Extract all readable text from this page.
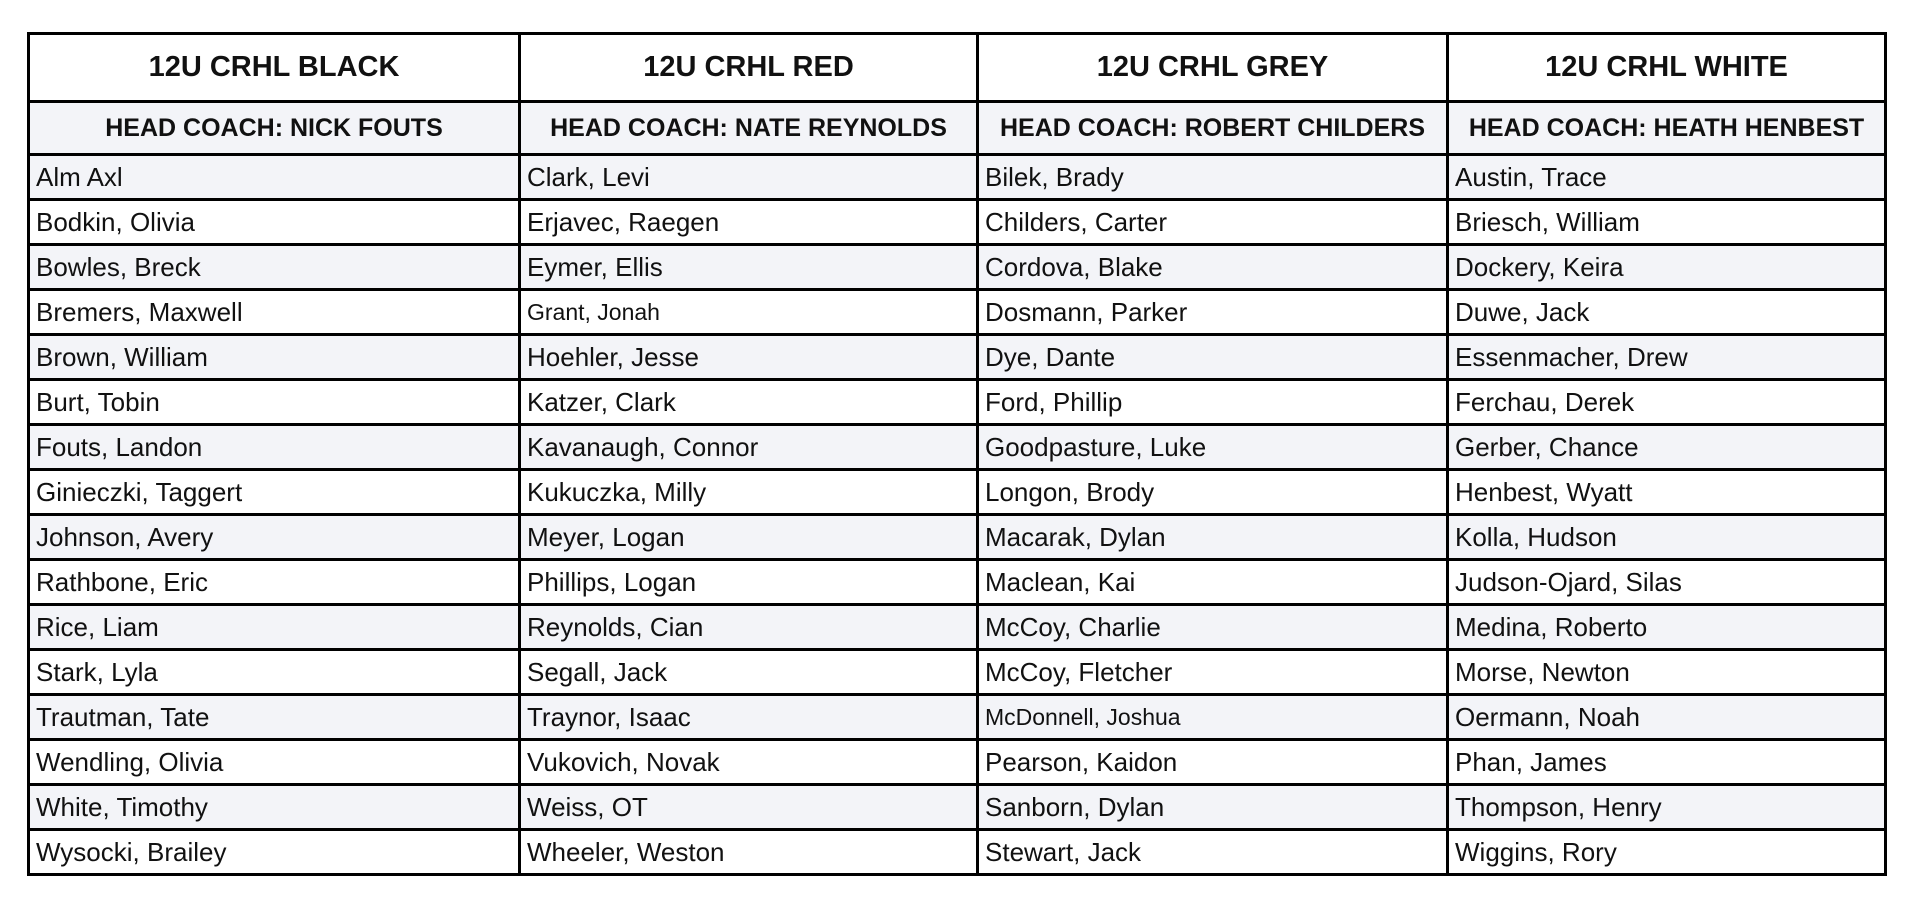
12U CRHL BLACK	12U CRHL RED	12U CRHL GREY	12U CRHL WHITE
HEAD COACH: NICK FOUTS	HEAD COACH: NATE REYNOLDS	HEAD COACH: ROBERT CHILDERS	HEAD COACH: HEATH HENBEST
Alm Axl	Clark, Levi	Bilek, Brady	Austin, Trace
Bodkin, Olivia	Erjavec, Raegen	Childers, Carter	Briesch, William
Bowles, Breck	Eymer, Ellis	Cordova, Blake	Dockery, Keira
Bremers, Maxwell	Grant, Jonah	Dosmann, Parker	Duwe, Jack
Brown, William	Hoehler, Jesse	Dye, Dante	Essenmacher, Drew
Burt, Tobin	Katzer, Clark	Ford, Phillip	Ferchau, Derek
Fouts, Landon	Kavanaugh, Connor	Goodpasture, Luke	Gerber, Chance
Ginieczki, Taggert	Kukuczka, Milly	Longon, Brody	Henbest, Wyatt
Johnson, Avery	Meyer, Logan	Macarak, Dylan	Kolla, Hudson
Rathbone, Eric	Phillips, Logan	Maclean, Kai	Judson-Ojard, Silas
Rice, Liam	Reynolds, Cian	McCoy, Charlie	Medina, Roberto
Stark, Lyla	Segall, Jack	McCoy, Fletcher	Morse, Newton
Trautman, Tate	Traynor, Isaac	McDonnell, Joshua	Oermann, Noah
Wendling, Olivia	Vukovich, Novak	Pearson, Kaidon	Phan, James
White, Timothy	Weiss, OT	Sanborn, Dylan	Thompson, Henry
Wysocki, Brailey	Wheeler, Weston	Stewart, Jack	Wiggins, Rory
